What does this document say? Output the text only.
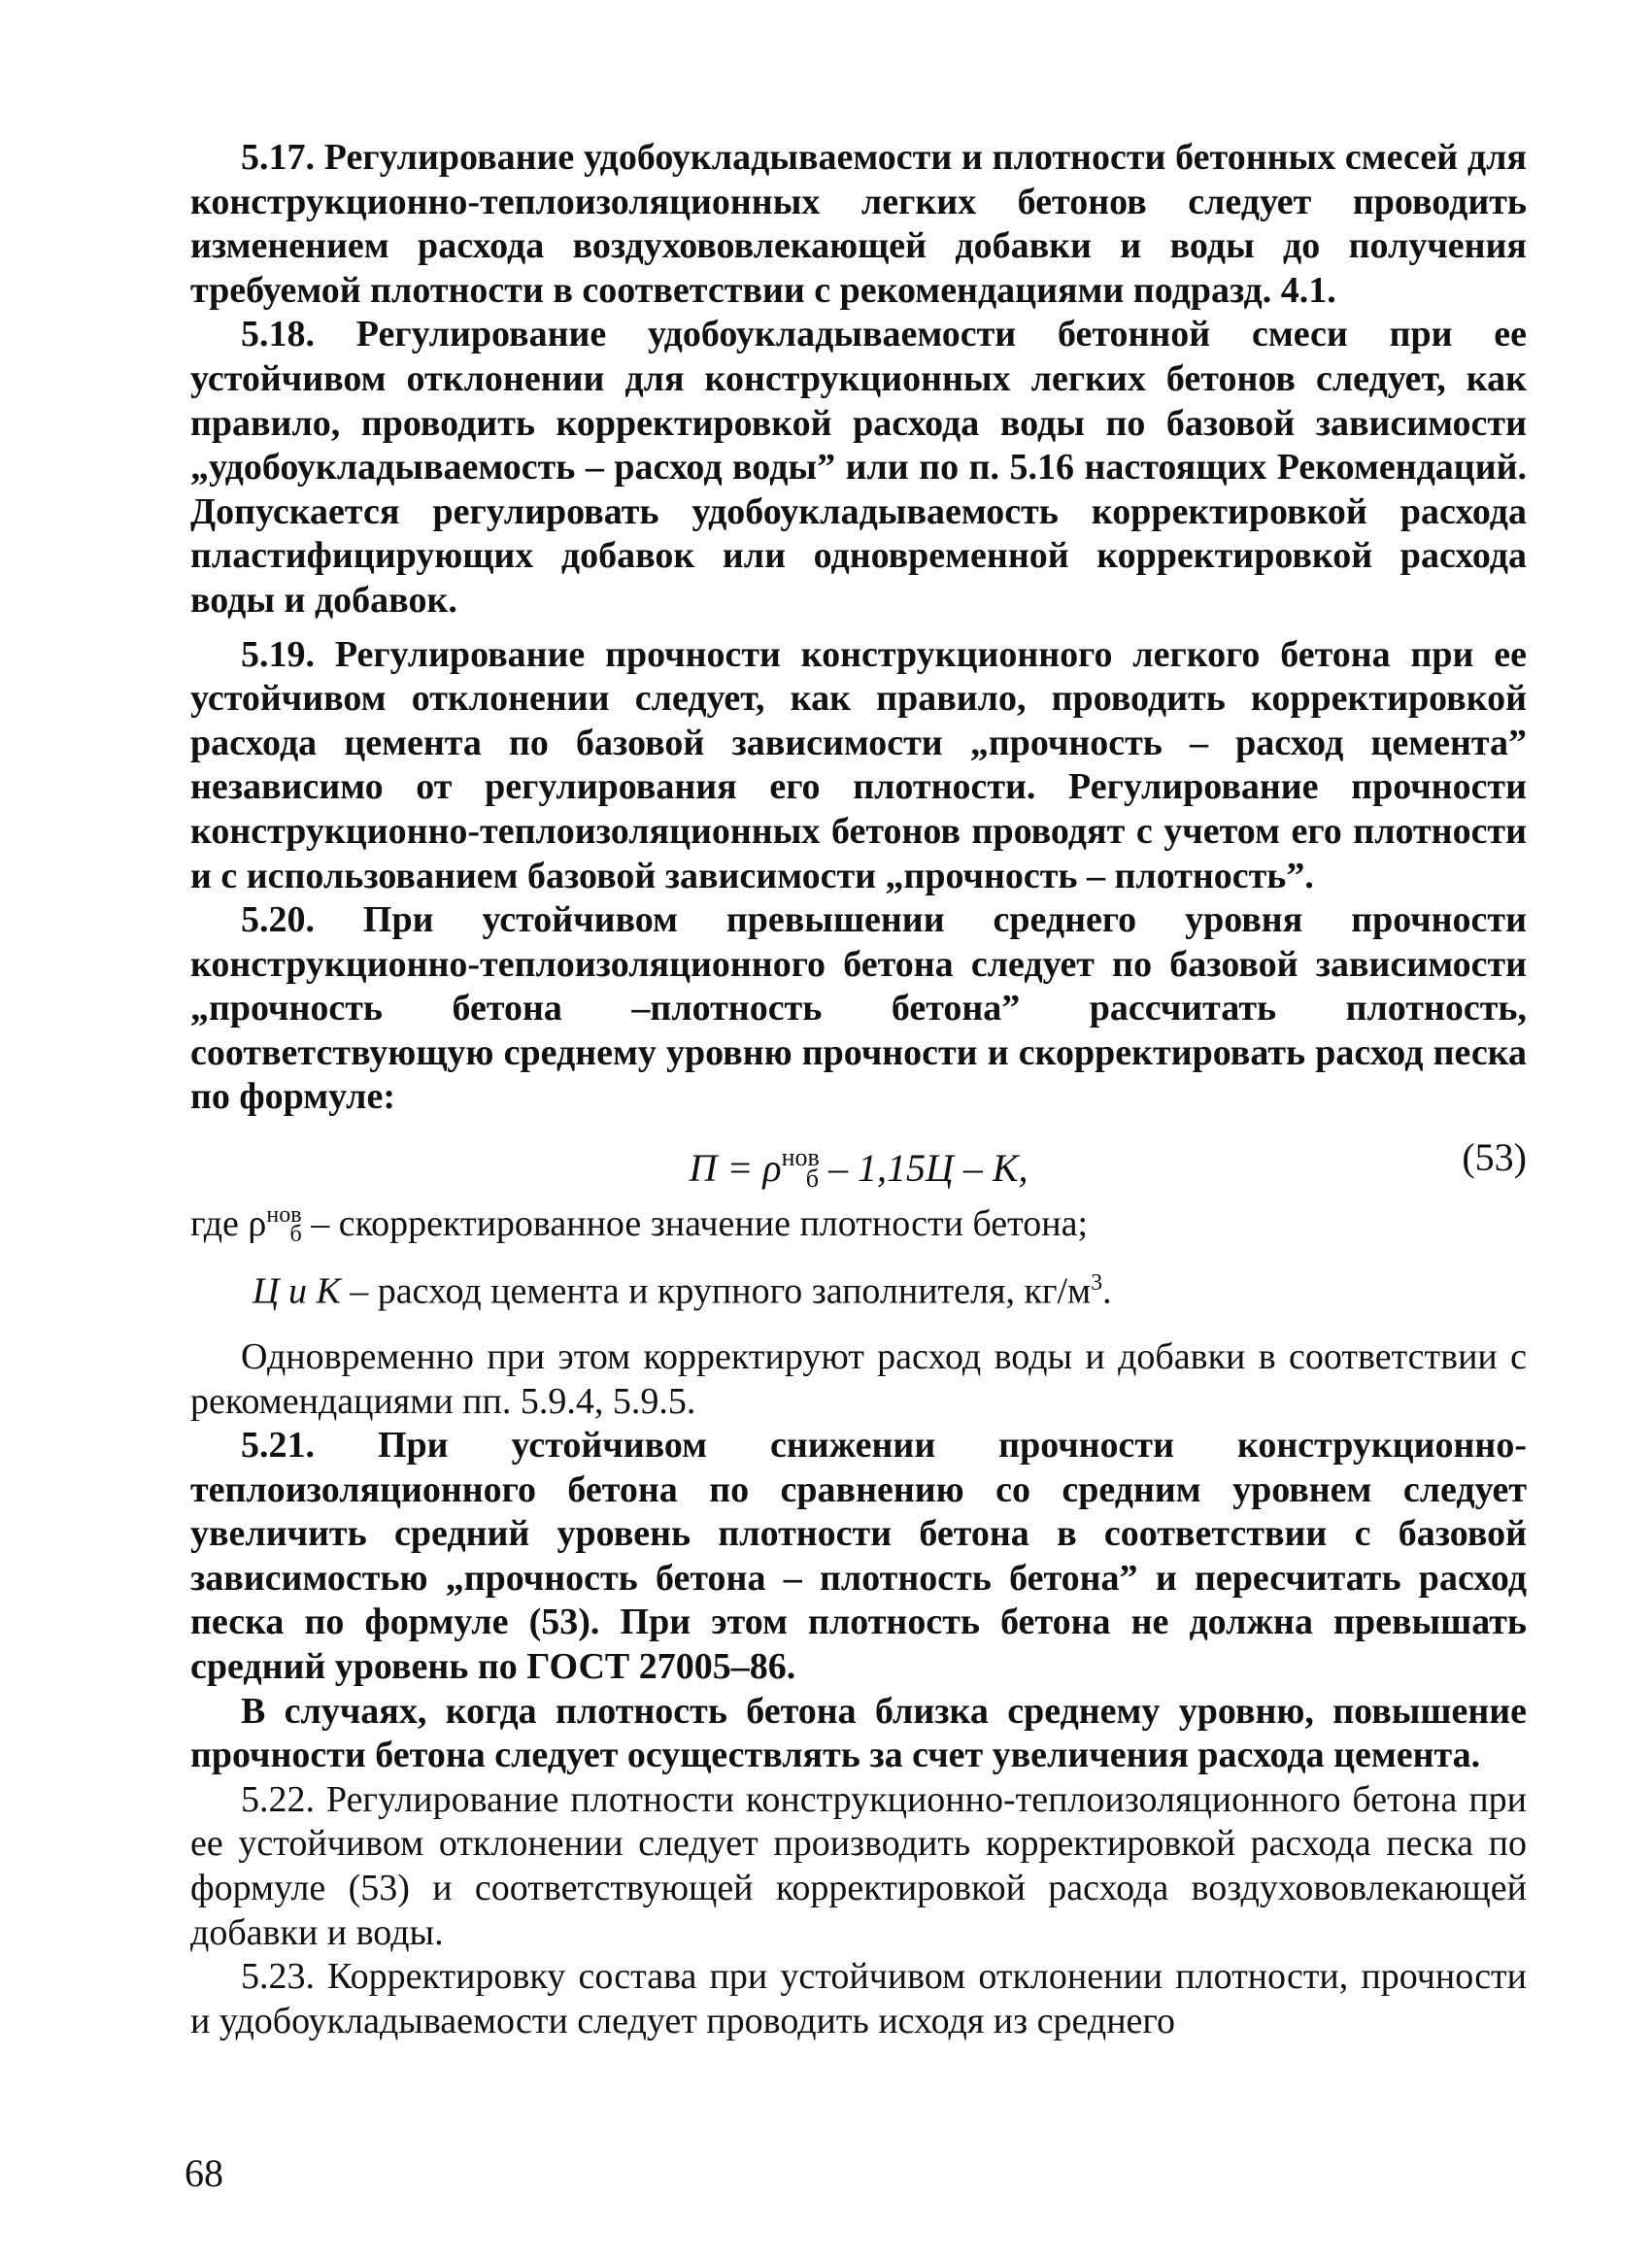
5.17. Регулирование удобоукладываемости и плотности бетонных смесей для конструкционно-теплоизоляционных легких бетонов следует проводить изменением расхода воздухововлекающей добавки и воды до получения требуемой плотности в соответствии с рекомендациями подразд. 4.1.

5.18. Регулирование удобоукладываемости бетонной смеси при ее устойчивом отклонении для конструкционных легких бетонов следует, как правило, проводить корректировкой расхода воды по базовой зависимости „удобоукладываемость – расход воды” или по п. 5.16 настоящих Рекомендаций. Допускается регулировать удобоукладываемость корректировкой расхода пластифицирующих добавок или одновременной корректировкой расхода воды и добавок.

5.19. Регулирование прочности конструкционного легкого бетона при ее устойчивом отклонении следует, как правило, проводить корректировкой расхода цемента по базовой зависимости „прочность – расход цемента” независимо от регулирования его плотности. Регулирование прочности конструкционно-теплоизоляционных бетонов проводят с учетом его плотности и с использованием базовой зависимости „прочность – плотность”.

5.20. При устойчивом превышении среднего уровня прочности конструкционно-теплоизоляционного бетона следует по базовой зависимости „прочность бетона –плотность бетона” рассчитать плотность, соответствующую среднему уровню прочности и скорректировать расход песка по формуле:

$П = \rho^{нов}б - 1,15Ц - К$,	(53)

где $\rho^{нов}б$ – скорректированное значение плотности бетона;

Ц и К – расход цемента и крупного заполнителя, $кг/м^3$.

Одновременно при этом корректируют расход воды и добавки в соответствии с рекомендациями пп. 5.9.4, 5.9.5.

5.21. При устойчивом снижении прочности конструкционно-теплоизоляционного бетона по сравнению со средним уровнем следует увеличить средний уровень плотности бетона в соответствии с базовой зависимостью „прочность бетона – плотность бетона” и пересчитать расход песка по формуле (53). При этом плотность бетона не должна превышать средний уровень по ГОСТ 27005–86.

В случаях, когда плотность бетона близка среднему уровню, повышение прочности бетона следует осуществлять за счет увеличения расхода цемента.

5.22. Регулирование плотности конструкционно-теплоизоляционного бетона при ее устойчивом отклонении следует производить корректировкой расхода песка по формуле (53) и соответствующей корректировкой расхода воздухововлекающей добавки и воды.

5.23. Корректировку состава при устойчивом отклонении плотности, прочности и удобоукладываемости следует проводить исходя из среднего

68
